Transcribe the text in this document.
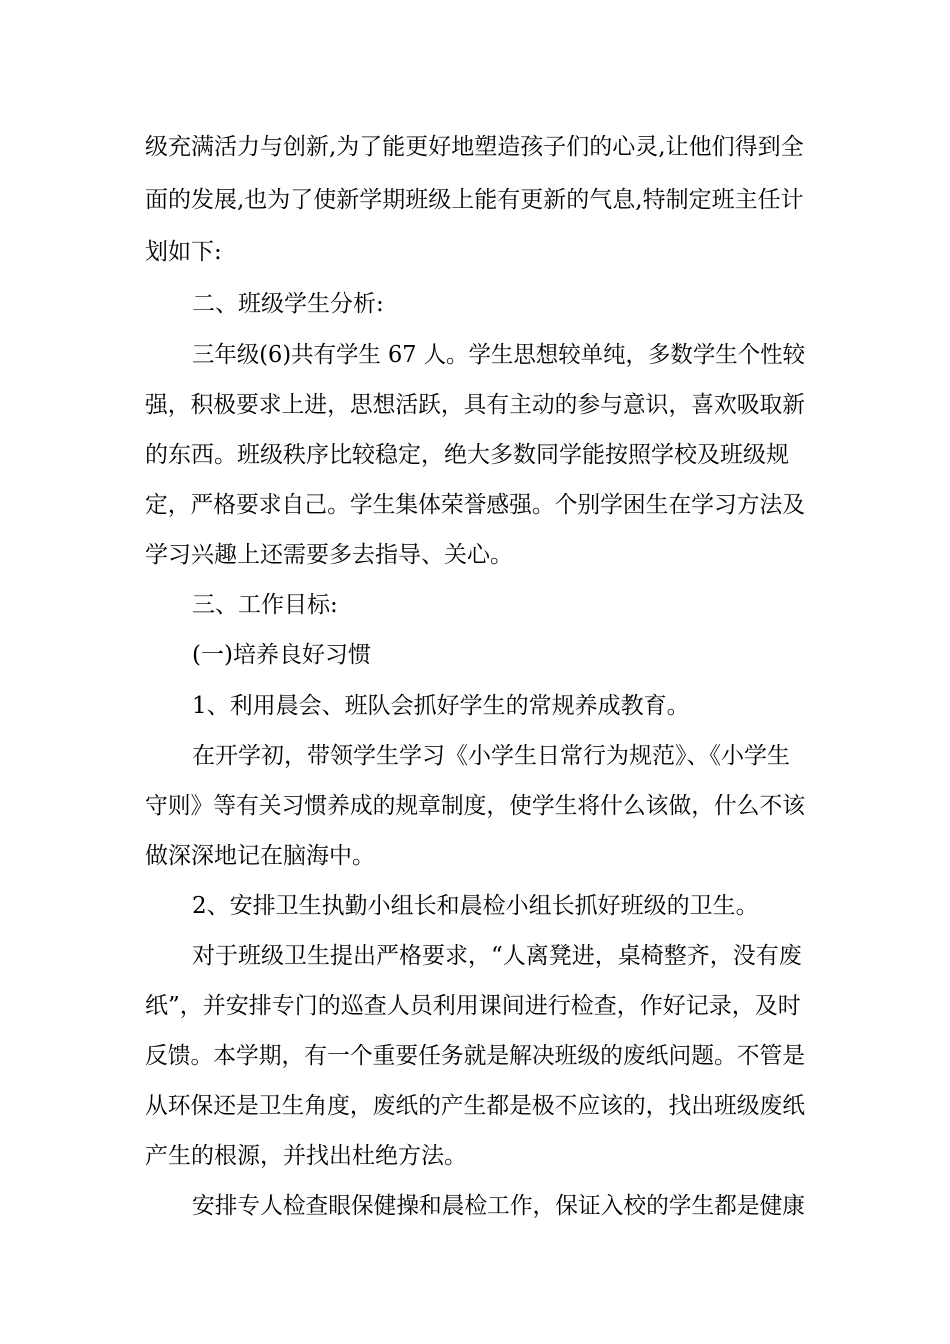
级充满活力与创新,为了能更好地塑造孩子们的心灵,让他们得到全
面的发展,也为了使新学期班级上能有更新的气息,特制定班主任计
划如下:
二、班级学生分析:
三年级(6)共有学生 67 人。学生思想较单纯，多数学生个性较
强，积极要求上进，思想活跃，具有主动的参与意识，喜欢吸取新
的东西。班级秩序比较稳定，绝大多数同学能按照学校及班级规
定，严格要求自己。学生集体荣誉感强。个别学困生在学习方法及
学习兴趣上还需要多去指导、关心。
三、工作目标:
(一)培养良好习惯
1、利用晨会、班队会抓好学生的常规养成教育。
在开学初，带领学生学习《小学生日常行为规范》、《小学生
守则》等有关习惯养成的规章制度，使学生将什么该做，什么不该
做深深地记在脑海中。
2、安排卫生执勤小组长和晨检小组长抓好班级的卫生。
对于班级卫生提出严格要求，“人离凳进，桌椅整齐，没有废
纸”，并安排专门的巡查人员利用课间进行检查，作好记录，及时
反馈。本学期，有一个重要任务就是解决班级的废纸问题。不管是
从环保还是卫生角度，废纸的产生都是极不应该的，找出班级废纸
产生的根源，并找出杜绝方法。
安排专人检查眼保健操和晨检工作，保证入校的学生都是健康
